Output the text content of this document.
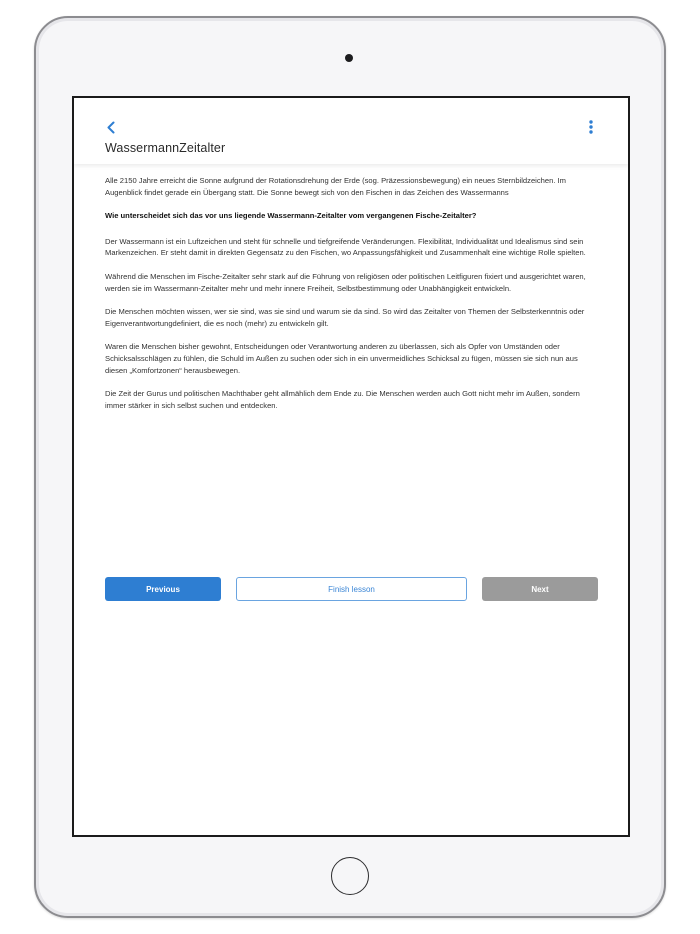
WassermannZeitalter

Alle 2150 Jahre erreicht die Sonne aufgrund der Rotationsdrehung der Erde (sog. Präzessionsbewegung) ein neues Sternbildzeichen. Im Augenblick findet gerade ein Übergang statt. Die Sonne bewegt sich von den Fischen in das Zeichen des Wassermanns

Wie unterscheidet sich das vor uns liegende Wassermann-Zeitalter vom vergangenen Fische-Zeitalter?

Der Wassermann ist ein Luftzeichen und steht für schnelle und tiefgreifende Veränderungen. Flexibilität, Individualität und Idealismus sind sein Markenzeichen. Er steht damit in direkten Gegensatz zu den Fischen, wo Anpassungsfähigkeit und Zusammenhalt eine wichtige Rolle spielten.

Während die Menschen im Fische-Zeitalter sehr stark auf die Führung von religiösen oder politischen Leitfiguren fixiert und ausgerichtet waren, werden sie im Wassermann-Zeitalter mehr und mehr innere Freiheit, Selbstbestimmung oder Unabhängigkeit entwickeln.

Die Menschen möchten wissen, wer sie sind, was sie sind und warum sie da sind. So wird das Zeitalter von Themen der Selbsterkenntnis oder Eigenverantwortungdefiniert, die es noch (mehr) zu entwickeln gilt.

Waren die Menschen bisher gewohnt, Entscheidungen oder Verantwortung anderen zu überlassen, sich als Opfer von Umständen oder Schicksalsschlägen zu fühlen, die Schuld im Außen zu suchen oder sich in ein unvermeidliches Schicksal zu fügen, müssen sie sich nun aus diesen „Komfortzonen“ herausbewegen.

Die Zeit der Gurus und politischen Machthaber geht allmählich dem Ende zu. Die Menschen werden auch Gott nicht mehr im Außen, sondern immer stärker in sich selbst suchen und entdecken.

Previous	Finish lesson	Next
